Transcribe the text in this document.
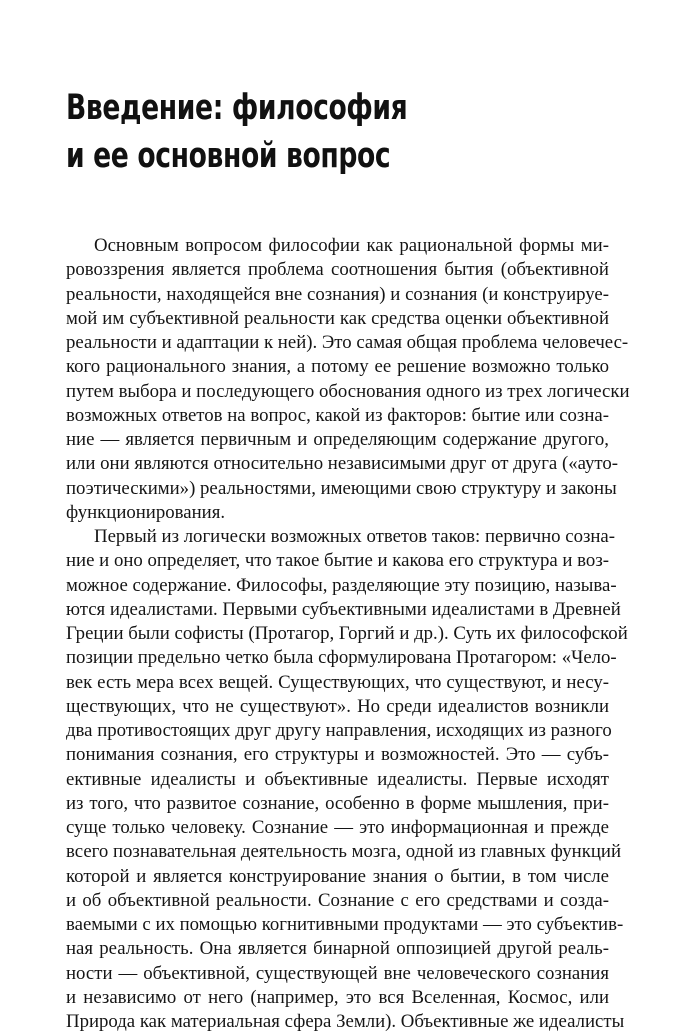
Введение: философия
и ее основной вопрос
Основным вопросом философии как рациональной формы ми-
ровоззрения является проблема соотношения бытия (объективной
реальности, находящейся вне сознания) и сознания (и конструируе-
мой им субъективной реальности как средства оценки объективной
реальности и адаптации к ней). Это самая общая проблема человечес-
кого рационального знания, а потому ее решение возможно только
путем выбора и последующего обоснования одного из трех логически
возможных ответов на вопрос, какой из факторов: бытие или созна-
ние — является первичным и определяющим содержание другого,
или они являются относительно независимыми друг от друга («ауто-
поэтическими») реальностями, имеющими свою структуру и законы
функционирования.
Первый из логически возможных ответов таков: первично созна-
ние и оно определяет, что такое бытие и какова его структура и воз-
можное содержание. Философы, разделяющие эту позицию, называ-
ются идеалистами. Первыми субъективными идеалистами в Древней
Греции были софисты (Протагор, Горгий и др.). Суть их философской
позиции предельно четко была сформулирована Протагором: «Чело-
век есть мера всех вещей. Существующих, что существуют, и несу-
ществующих, что не существуют». Но среди идеалистов возникли
два противостоящих друг другу направления, исходящих из разного
понимания сознания, его структуры и возможностей. Это — субъ-
ективные идеалисты и объективные идеалисты. Первые исходят
из того, что развитое сознание, особенно в форме мышления, при-
суще только человеку. Сознание — это информационная и прежде
всего познавательная деятельность мозга, одной из главных функций
которой и является конструирование знания о бытии, в том числе
и об объективной реальности. Сознание с его средствами и созда-
ваемыми с их помощью когнитивными продуктами — это субъектив-
ная реальность. Она является бинарной оппозицией другой реаль-
ности — объективной, существующей вне человеческого сознания
и независимо от него (например, это вся Вселенная, Космос, или
Природа как материальная сфера Земли). Объективные же идеалисты
